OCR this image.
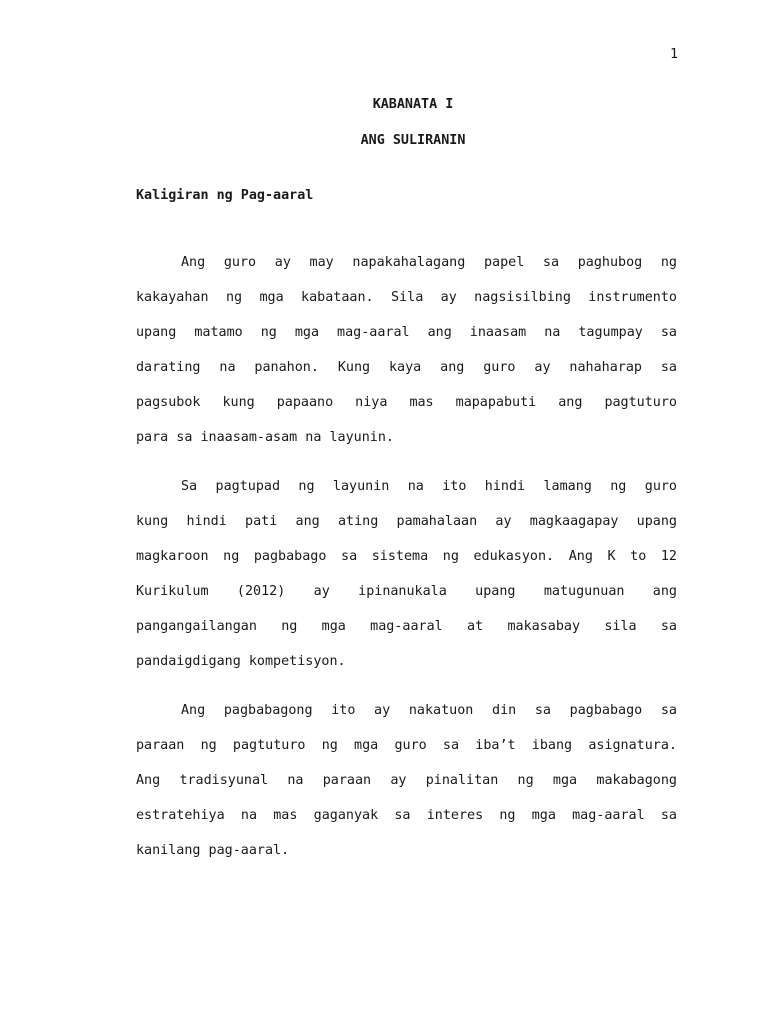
1
KABANATA I
ANG SULIRANIN
Kaligiran ng Pag-aaral
Ang guro ay may napakahalagang papel sa paghubog ng
kakayahan ng mga kabataan. Sila ay nagsisilbing instrumento
upang matamo ng mga mag-aaral ang inaasam na tagumpay sa
darating na panahon. Kung kaya ang guro ay nahaharap sa
pagsubok kung papaano niya mas mapapabuti ang pagtuturo
para sa inaasam-asam na layunin.
Sa pagtupad ng layunin na ito hindi lamang ng guro
kung hindi pati ang ating pamahalaan ay magkaagapay upang
magkaroon ng pagbabago sa sistema ng edukasyon. Ang K to 12
Kurikulum (2012) ay ipinanukala upang matugunuan ang
pangangailangan ng mga mag-aaral at makasabay sila sa
pandaigdigang kompetisyon.
Ang pagbabagong ito ay nakatuon din sa pagbabago sa
paraan ng pagtuturo ng mga guro sa iba’t ibang asignatura.
Ang tradisyunal na paraan ay pinalitan ng mga makabagong
estratehiya na mas gaganyak sa interes ng mga mag-aaral sa
kanilang pag-aaral.
